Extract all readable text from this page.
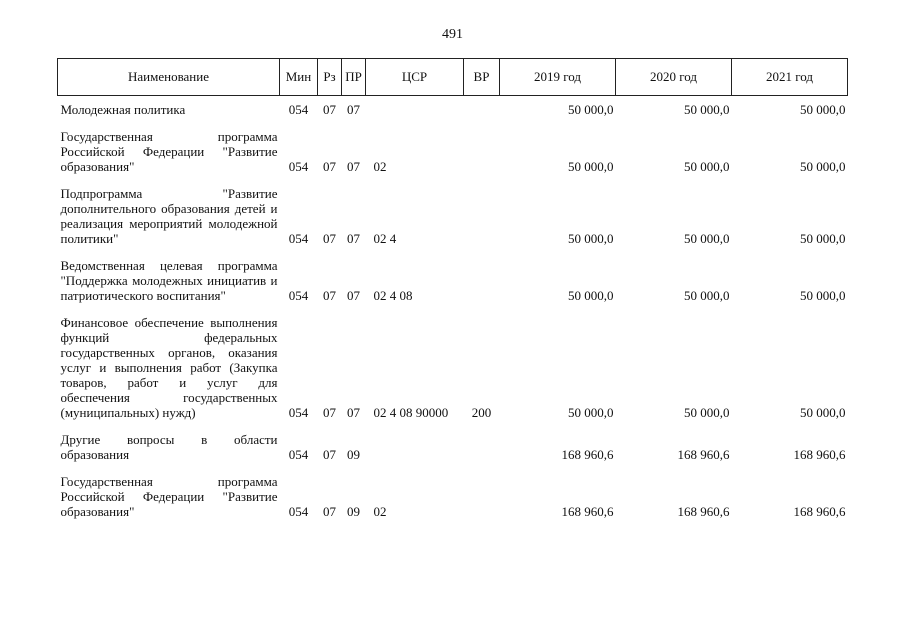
491
Наименование	Мин	Рз	ПР	ЦСР	ВР	2019 год	2020 год	2021 год

Молодежная политика	054	07	07			50 000,0	50 000,0	50 000,0

Государственная программа Российской Федерации "Развитие образования"	054	07	07	02		50 000,0	50 000,0	50 000,0

Подпрограмма "Развитие дополнительного образования детей и реализация мероприятий молодежной политики"	054	07	07	02 4		50 000,0	50 000,0	50 000,0

Ведомственная целевая программа "Поддержка молодежных инициатив и патриотического воспитания"	054	07	07	02 4 08		50 000,0	50 000,0	50 000,0

Финансовое обеспечение выполнения функций федеральных государственных органов, оказания услуг и выполнения работ (Закупка товаров, работ и услуг для обеспечения государственных (муниципальных) нужд)	054	07	07	02 4 08 90000	200	50 000,0	50 000,0	50 000,0

Другие вопросы в области образования	054	07	09			168 960,6	168 960,6	168 960,6

Государственная программа Российской Федерации "Развитие образования"	054	07	09	02		168 960,6	168 960,6	168 960,6
